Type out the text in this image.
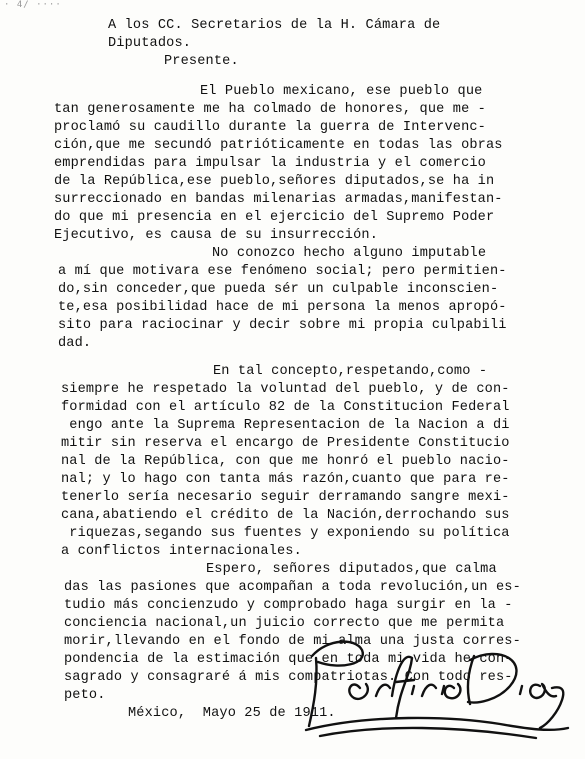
· 4/ ····

A los CC. Secretarios de la H. Cámara de

Diputados.

Presente.

El Pueblo mexicano, ese pueblo que

tan generosamente me ha colmado de honores, que me -

proclamó su caudillo durante la guerra de Intervenc-

ción,que me secundó patrióticamente en todas las obras

emprendidas para impulsar la industria y el comercio

de la República,ese pueblo,señores diputados,se ha in

surreccionado en bandas milenarias armadas,manifestan-

do que mi presencia en el ejercicio del Supremo Poder

Ejecutivo, es causa de su insurrección.

No conozco hecho alguno imputable

a mí que motivara ese fenómeno social; pero permitien-

do,sin conceder,que pueda sér un culpable inconscien-

te,esa posibilidad hace de mi persona la menos apropó-

sito para raciocinar y decir sobre mi propia culpabili

dad.

En tal concepto,respetando,como -

siempre he respetado la voluntad del pueblo, y de con-

formidad con el artículo 82 de la Constitucion Federal

engo ante la Suprema Representacion de la Nacion a di

mitir sin reserva el encargo de Presidente Constitucio

nal de la República, con que me honró el pueblo nacio-

nal; y lo hago con tanta más razón,cuanto que para re-

tenerlo sería necesario seguir derramando sangre mexi-

cana,abatiendo el crédito de la Nación,derrochando sus

riquezas,segando sus fuentes y exponiendo su política

a conflictos internacionales.

Espero, señores diputados,que calma

das las pasiones que acompañan a toda revolución,un es-

tudio más concienzudo y comprobado haga surgir en la -

conciencia nacional,un juicio correcto que me permita

morir,llevando en el fondo de mi alma una justa corres-

pondencia de la estimación que en toda mi vida he con-

sagrado y consagraré á mis compatriotas. Con todo res-

peto.

México,  Mayo 25 de 1911.
